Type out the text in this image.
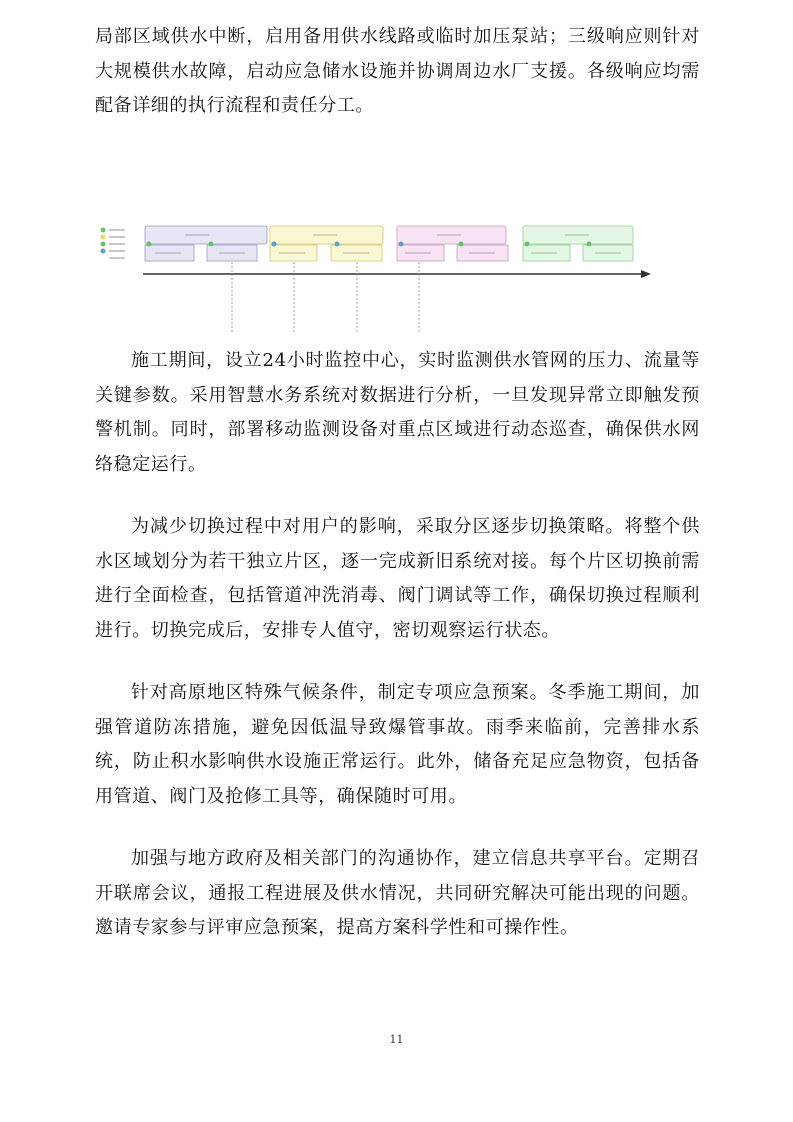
局部区域供水中断，启用备用供水线路或临时加压泵站；三级响应则针对大规模供水故障，启动应急储水设施并协调周边水厂支援。各级响应均需配备详细的执行流程和责任分工。

施工期间，设立24小时监控中心，实时监测供水管网的压力、流量等关键参数。采用智慧水务系统对数据进行分析，一旦发现异常立即触发预警机制。同时，部署移动监测设备对重点区域进行动态巡查，确保供水网络稳定运行。

为减少切换过程中对用户的影响，采取分区逐步切换策略。将整个供水区域划分为若干独立片区，逐一完成新旧系统对接。每个片区切换前需进行全面检查，包括管道冲洗消毒、阀门调试等工作，确保切换过程顺利进行。切换完成后，安排专人值守，密切观察运行状态。

针对高原地区特殊气候条件，制定专项应急预案。冬季施工期间，加强管道防冻措施，避免因低温导致爆管事故。雨季来临前，完善排水系统，防止积水影响供水设施正常运行。此外，储备充足应急物资，包括备用管道、阀门及抢修工具等，确保随时可用。

加强与地方政府及相关部门的沟通协作，建立信息共享平台。定期召开联席会议，通报工程进展及供水情况，共同研究解决可能出现的问题。邀请专家参与评审应急预案，提高方案科学性和可操作性。

11
